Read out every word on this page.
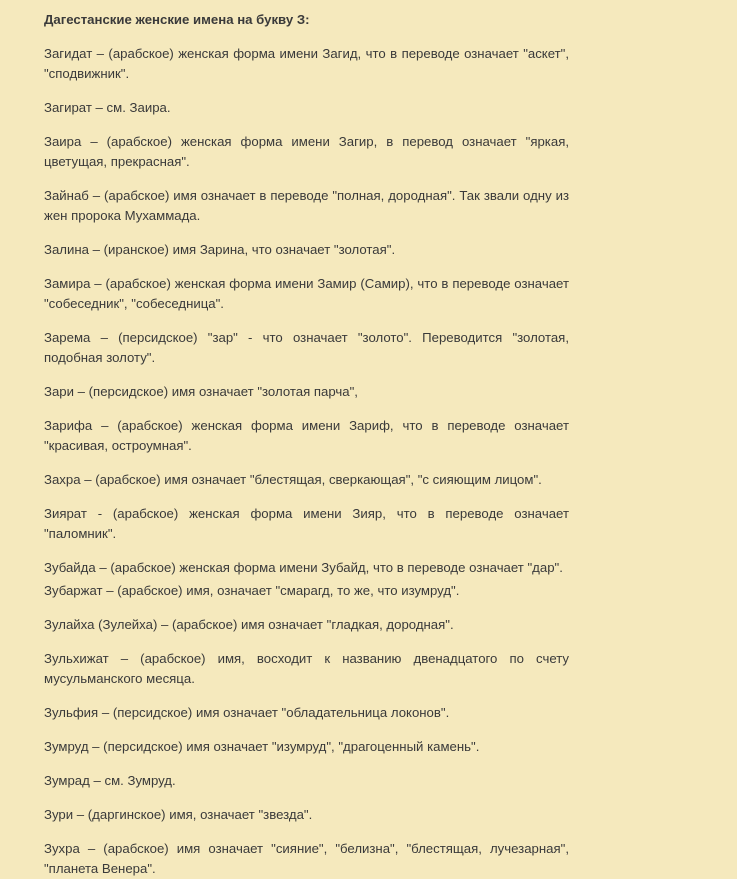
Дагестанские женские имена на букву З:
Загидат – (арабское) женская форма имени Загид, что в переводе означает "аскет", "сподвижник".
Загират – см. Заира.
Заира – (арабское) женская форма имени Загир, в перевод означает "яркая, цветущая, прекрасная".
Зайнаб – (арабское) имя означает в переводе "полная, дородная". Так звали одну из жен пророка Мухаммада.
Залина – (иранское) имя Зарина, что означает "золотая".
Замира – (арабское) женская форма имени Замир (Самир), что в переводе означает "собеседник", "собеседница".
Зарема – (персидское) "зар" - что означает "золото". Переводится "золотая, подобная золоту".
Зари – (персидское) имя означает "золотая парча",
Зарифа – (арабское) женская форма имени Зариф, что в переводе означает "красивая, остроумная".
Захра – (арабское) имя означает "блестящая, сверкающая", "с сияющим лицом".
Зиярат - (арабское) женская форма имени Зияр, что в переводе означает "паломник".
Зубайда – (арабское) женская форма имени Зубайд, что в переводе означает "дар".
Зубаржат – (арабское) имя, означает "смарагд, то же, что изумруд".
Зулайха (Зулейха) – (арабское) имя означает "гладкая, дородная".
Зульхижат – (арабское) имя, восходит к названию двенадцатого по счету мусульманского месяца.
Зульфия – (персидское) имя означает "обладательница локонов".
Зумруд – (персидское) имя означает "изумруд", "драгоценный камень".
Зумрад – см. Зумруд.
Зури – (даргинское) имя, означает "звезда".
Зухра – (арабское) имя означает "сияние", "белизна", "блестящая, лучезарная", "планета Венера".
